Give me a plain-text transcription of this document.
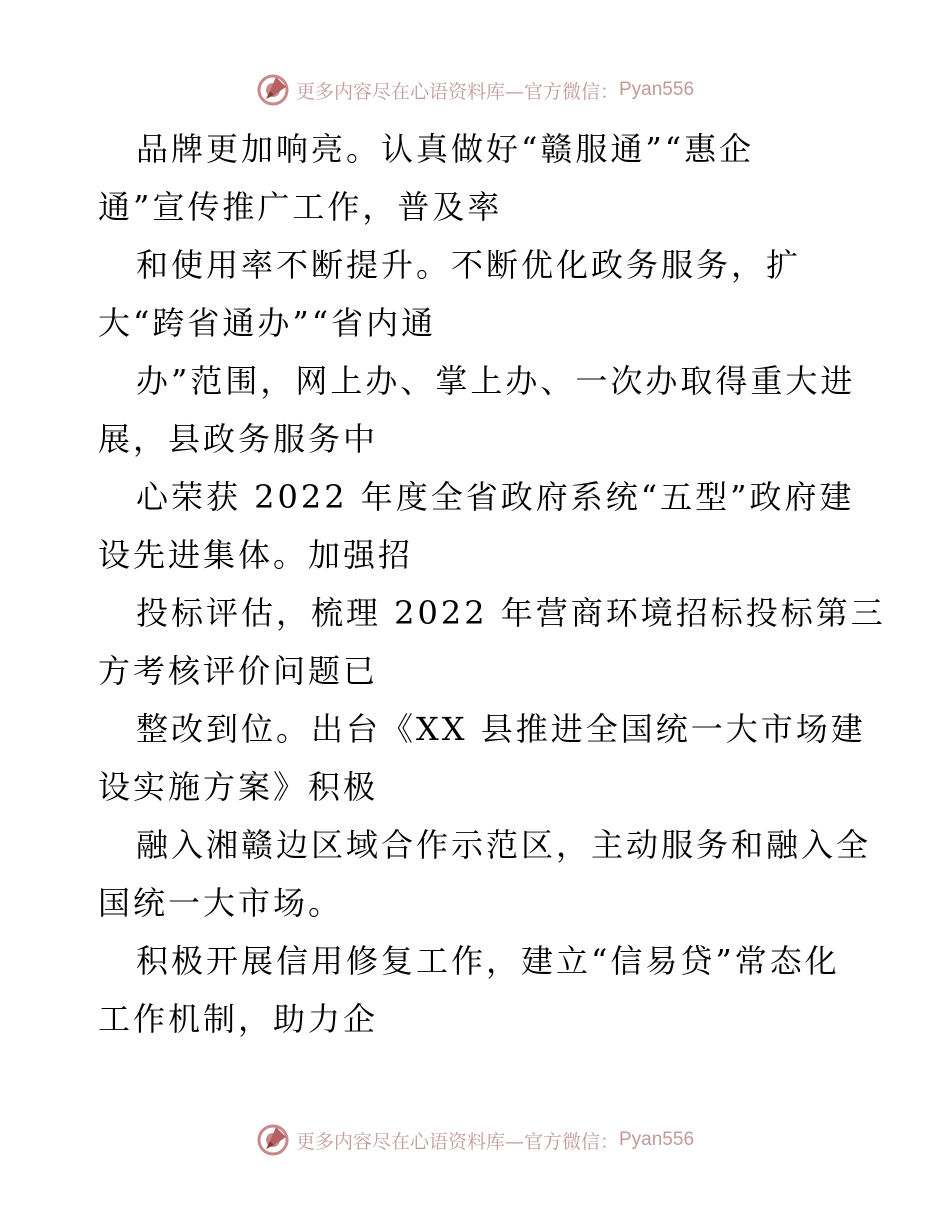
更多内容尽在心语资料库—官方微信： Pyan556
品牌更加响亮。认真做好“赣服通”“惠企
通”宣传推广工作，普及率
和使用率不断提升。不断优化政务服务，扩
大“跨省通办”“省内通
办”范围，网上办、掌上办、一次办取得重大进
展，县政务服务中
心荣获 2022 年度全省政府系统“五型”政府建
设先进集体。加强招
投标评估，梳理 2022 年营商环境招标投标第三
方考核评价问题已
整改到位。出台《XX 县推进全国统一大市场建
设实施方案》积极
融入湘赣边区域合作示范区，主动服务和融入全
国统一大市场。
积极开展信用修复工作，建立“信易贷”常态化
工作机制，助力企
更多内容尽在心语资料库—官方微信： Pyan556
